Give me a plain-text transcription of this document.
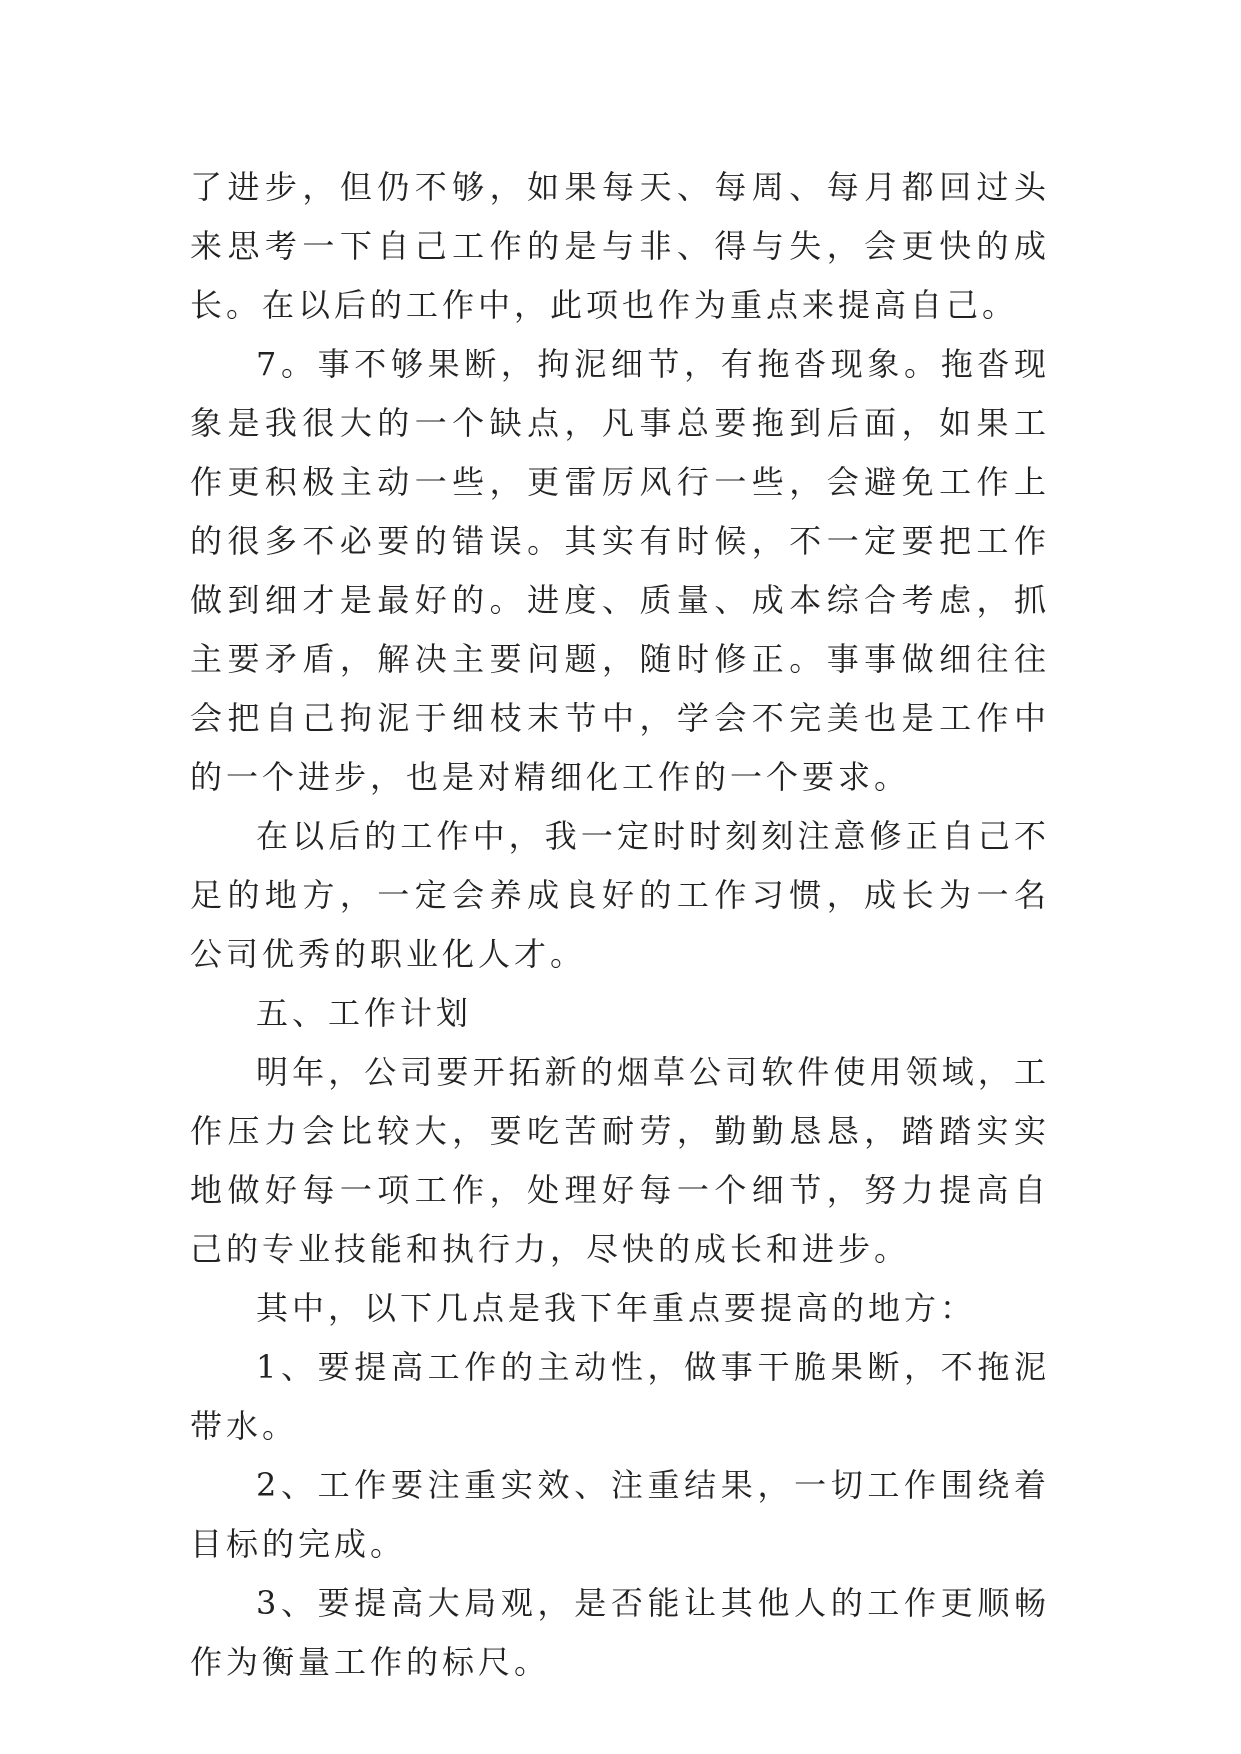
了进步，但仍不够，如果每天、每周、每月都回过头来思考一下自己工作的是与非、得与失，会更快的成长。在以后的工作中，此项也作为重点来提高自己。

7。事不够果断，拘泥细节，有拖沓现象。拖沓现象是我很大的一个缺点，凡事总要拖到后面，如果工作更积极主动一些，更雷厉风行一些，会避免工作上的很多不必要的错误。其实有时候，不一定要把工作做到细才是最好的。进度、质量、成本综合考虑，抓主要矛盾，解决主要问题，随时修正。事事做细往往会把自己拘泥于细枝末节中，学会不完美也是工作中的一个进步，也是对精细化工作的一个要求。

在以后的工作中，我一定时时刻刻注意修正自己不足的地方，一定会养成良好的工作习惯，成长为一名公司优秀的职业化人才。

五、工作计划

明年，公司要开拓新的烟草公司软件使用领域，工作压力会比较大，要吃苦耐劳，勤勤恳恳，踏踏实实地做好每一项工作，处理好每一个细节，努力提高自己的专业技能和执行力，尽快的成长和进步。

其中，以下几点是我下年重点要提高的地方：

1、要提高工作的主动性，做事干脆果断，不拖泥带水。

2、工作要注重实效、注重结果，一切工作围绕着目标的完成。

3、要提高大局观，是否能让其他人的工作更顺畅作为衡量工作的标尺。
